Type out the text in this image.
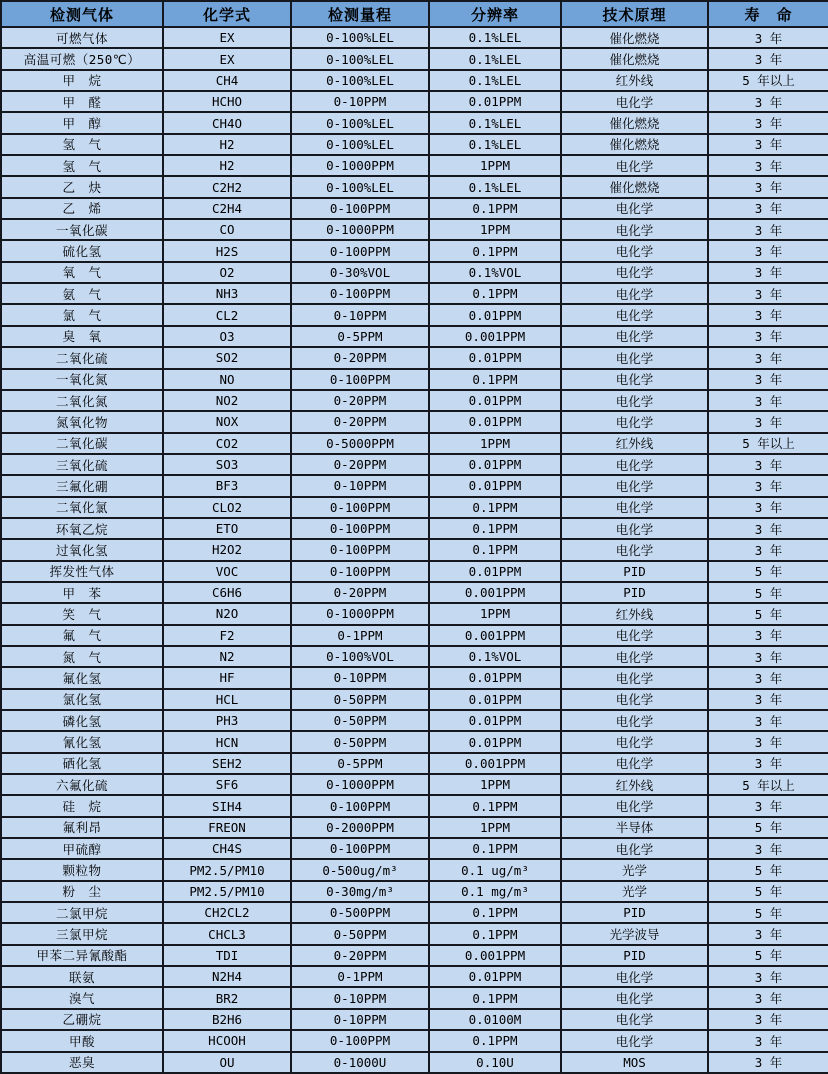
检测气体	化学式	检测量程	分辨率	技术原理	寿　命
可燃气体	EX	0-100%LEL	0.1%LEL	催化燃烧	3 年
高温可燃（250℃）	EX	0-100%LEL	0.1%LEL	催化燃烧	3 年
甲　烷	CH4	0-100%LEL	0.1%LEL	红外线	5 年以上
甲　醛	HCHO	0-10PPM	0.01PPM	电化学	3 年
甲　醇	CH4O	0-100%LEL	0.1%LEL	催化燃烧	3 年
氢　气	H2	0-100%LEL	0.1%LEL	催化燃烧	3 年
氢　气	H2	0-1000PPM	1PPM	电化学	3 年
乙　炔	C2H2	0-100%LEL	0.1%LEL	催化燃烧	3 年
乙　烯	C2H4	0-100PPM	0.1PPM	电化学	3 年
一氧化碳	CO	0-1000PPM	1PPM	电化学	3 年
硫化氢	H2S	0-100PPM	0.1PPM	电化学	3 年
氧　气	O2	0-30%VOL	0.1%VOL	电化学	3 年
氨　气	NH3	0-100PPM	0.1PPM	电化学	3 年
氯　气	CL2	0-10PPM	0.01PPM	电化学	3 年
臭　氧	O3	0-5PPM	0.001PPM	电化学	3 年
二氧化硫	SO2	0-20PPM	0.01PPM	电化学	3 年
一氧化氮	NO	0-100PPM	0.1PPM	电化学	3 年
二氧化氮	NO2	0-20PPM	0.01PPM	电化学	3 年
氮氧化物	NOX	0-20PPM	0.01PPM	电化学	3 年
二氧化碳	CO2	0-5000PPM	1PPM	红外线	5 年以上
三氧化硫	SO3	0-20PPM	0.01PPM	电化学	3 年
三氟化硼	BF3	0-10PPM	0.01PPM	电化学	3 年
二氧化氯	CLO2	0-100PPM	0.1PPM	电化学	3 年
环氧乙烷	ETO	0-100PPM	0.1PPM	电化学	3 年
过氧化氢	H2O2	0-100PPM	0.1PPM	电化学	3 年
挥发性气体	VOC	0-100PPM	0.01PPM	PID	5 年
甲　苯	C6H6	0-20PPM	0.001PPM	PID	5 年
笑　气	N2O	0-1000PPM	1PPM	红外线	5 年
氟　气	F2	0-1PPM	0.001PPM	电化学	3 年
氮　气	N2	0-100%VOL	0.1%VOL	电化学	3 年
氟化氢	HF	0-10PPM	0.01PPM	电化学	3 年
氯化氢	HCL	0-50PPM	0.01PPM	电化学	3 年
磷化氢	PH3	0-50PPM	0.01PPM	电化学	3 年
氰化氢	HCN	0-50PPM	0.01PPM	电化学	3 年
硒化氢	SEH2	0-5PPM	0.001PPM	电化学	3 年
六氟化硫	SF6	0-1000PPM	1PPM	红外线	5 年以上
硅　烷	SIH4	0-100PPM	0.1PPM	电化学	3 年
氟利昂	FREON	0-2000PPM	1PPM	半导体	5 年
甲硫醇	CH4S	0-100PPM	0.1PPM	电化学	3 年
颗粒物	PM2.5/PM10	0-500ug/m³	0.1 ug/m³	光学	5 年
粉　尘	PM2.5/PM10	0-30mg/m³	0.1 mg/m³	光学	5 年
二氯甲烷	CH2CL2	0-500PPM	0.1PPM	PID	5 年
三氯甲烷	CHCL3	0-50PPM	0.1PPM	光学波导	3 年
甲苯二异氰酸酯	TDI	0-20PPM	0.001PPM	PID	5 年
联氨	N2H4	0-1PPM	0.01PPM	电化学	3 年
溴气	BR2	0-10PPM	0.1PPM	电化学	3 年
乙硼烷	B2H6	0-10PPM	0.0100M	电化学	3 年
甲酸	HCOOH	0-100PPM	0.1PPM	电化学	3 年
恶臭	OU	0-1000U	0.10U	MOS	3 年
